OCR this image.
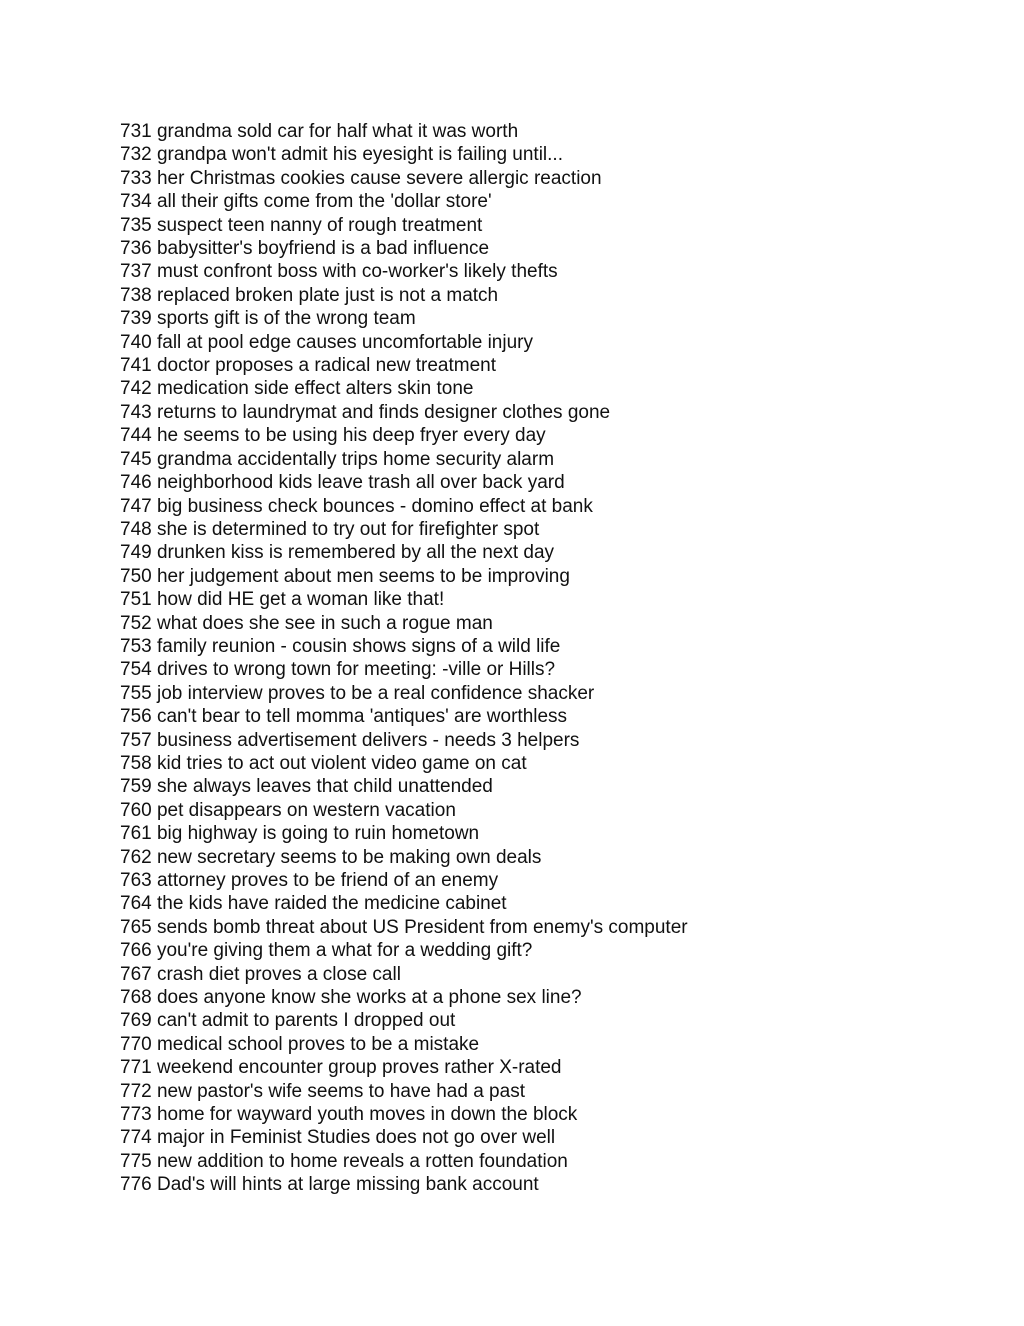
731 grandma sold car for half what it was worth
732 grandpa won't admit his eyesight is failing until...
733 her Christmas cookies cause severe allergic reaction
734 all their gifts come from the 'dollar store'
735 suspect teen nanny of rough treatment
736 babysitter's boyfriend is a bad influence
737 must confront boss with co-worker's likely thefts
738 replaced broken plate just is not a match
739 sports gift is of the wrong team
740 fall at pool edge causes uncomfortable injury
741 doctor proposes a radical new treatment
742 medication side effect alters skin tone
743 returns to laundrymat and finds designer clothes gone
744 he seems to be using his deep fryer every day
745 grandma accidentally trips home security alarm
746 neighborhood kids leave trash all over back yard
747 big business check bounces - domino effect at bank
748 she is determined to try out for firefighter spot
749 drunken kiss is remembered by all the next day
750 her judgement about men seems to be improving
751 how did HE get a woman like that!
752 what does she see in such a rogue man
753 family reunion - cousin shows signs of a wild life
754 drives to wrong town for meeting: -ville or Hills?
755 job interview proves to be a real confidence shacker
756 can't bear to tell momma 'antiques' are worthless
757 business advertisement delivers - needs 3 helpers
758 kid tries to act out violent video game on cat
759 she always leaves that child unattended
760 pet disappears on western vacation
761 big highway is going to ruin hometown
762 new secretary seems to be making own deals
763 attorney proves to be friend of an enemy
764 the kids have raided the medicine cabinet
765 sends bomb threat about US President from enemy's computer
766 you're giving them a what for a wedding gift?
767 crash diet proves a close call
768 does anyone know she works at a phone sex line?
769 can't admit to parents I dropped out
770 medical school proves to be a mistake
771 weekend encounter group proves rather X-rated
772 new pastor's wife seems to have had a past
773 home for wayward youth moves in down the block
774 major in Feminist Studies does not go over well
775 new addition to home reveals a rotten foundation
776 Dad's will hints at large missing bank account
